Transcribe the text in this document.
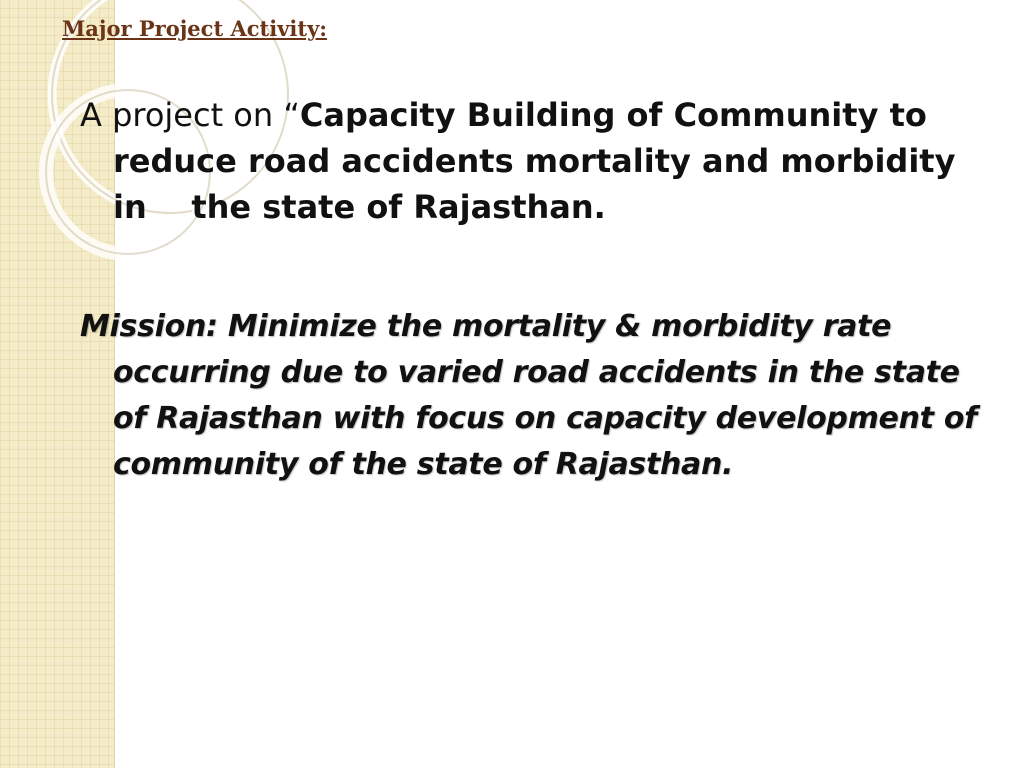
Major Project Activity:

A project on “Capacity Building of Community to reduce road accidents mortality and morbidity in    the state of Rajasthan.

Mission: Minimize the mortality & morbidity rate occurring due to varied road accidents in the state of Rajasthan with focus on capacity development of community of the state of Rajasthan.
